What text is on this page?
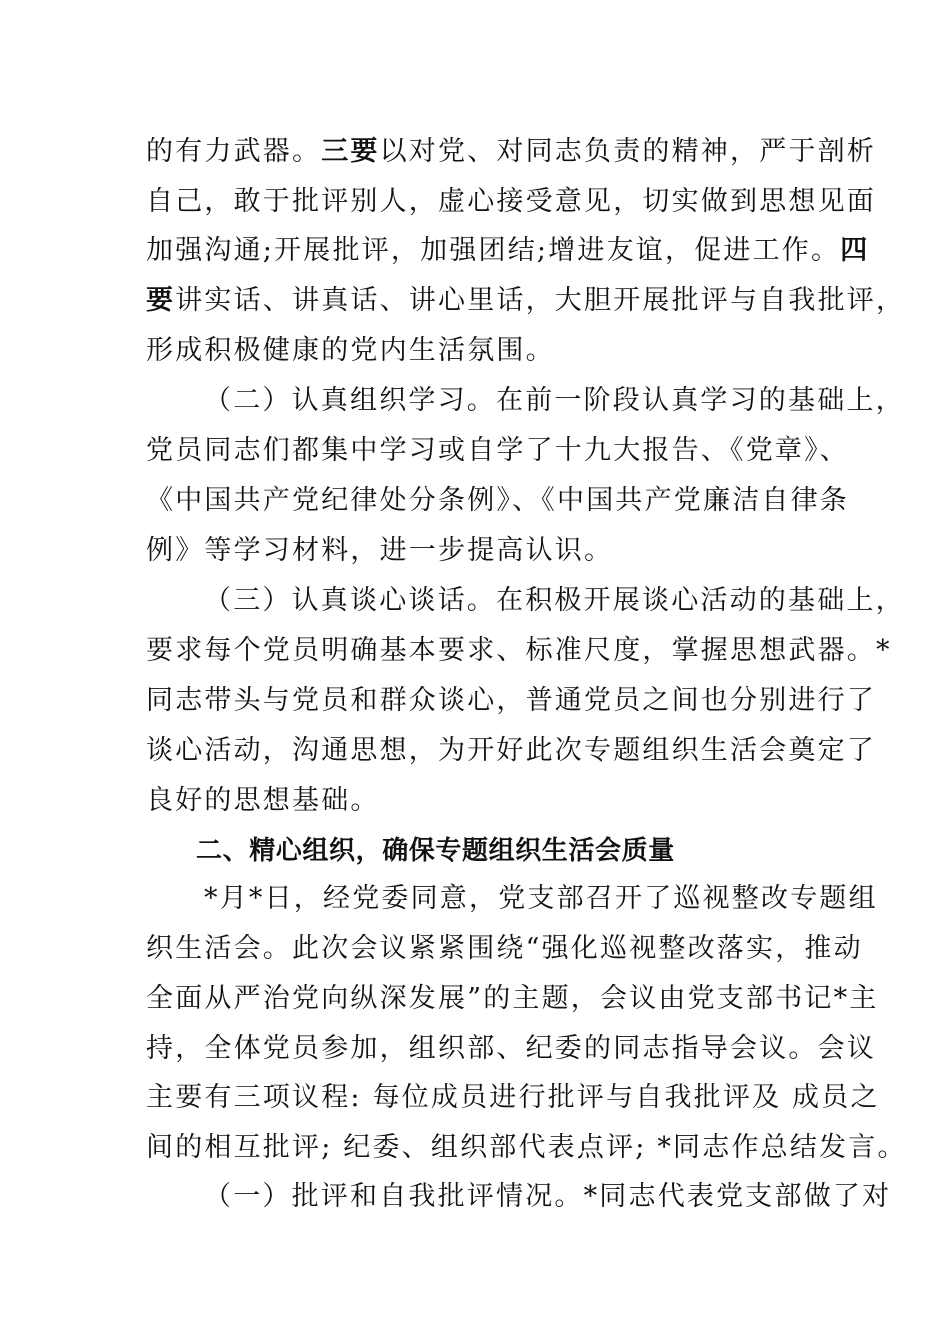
的有力武器。三要以对党、对同志负责的精神，严于剖析
自己，敢于批评别人，虚心接受意见，切实做到思想见面
加强沟通;开展批评，加强团结;增进友谊，促进工作。四
要讲实话、讲真话、讲心里话，大胆开展批评与自我批评，
形成积极健康的党内生活氛围。
（二）认真组织学习。在前一阶段认真学习的基础上，
党员同志们都集中学习或自学了十九大报告、《党章》、
《中国共产党纪律处分条例》、《中国共产党廉洁自律条
例》等学习材料，进一步提高认识。
（三）认真谈心谈话。在积极开展谈心活动的基础上，
要求每个党员明确基本要求、标准尺度，掌握思想武器。*
同志带头与党员和群众谈心，普通党员之间也分别进行了
谈心活动，沟通思想，为开好此次专题组织生活会奠定了
良好的思想基础。
二、精心组织，确保专题组织生活会质量
*月*日，经党委同意，党支部召开了巡视整改专题组
织生活会。此次会议紧紧围绕“强化巡视整改落实，推动
全面从严治党向纵深发展”的主题，会议由党支部书记*主
持，全体党员参加，组织部、纪委的同志指导会议。会议
主要有三项议程: 每位成员进行批评与自我批评及 成员之
间的相互批评; 纪委、组织部代表点评; *同志作总结发言。
（一）批评和自我批评情况。*同志代表党支部做了对
